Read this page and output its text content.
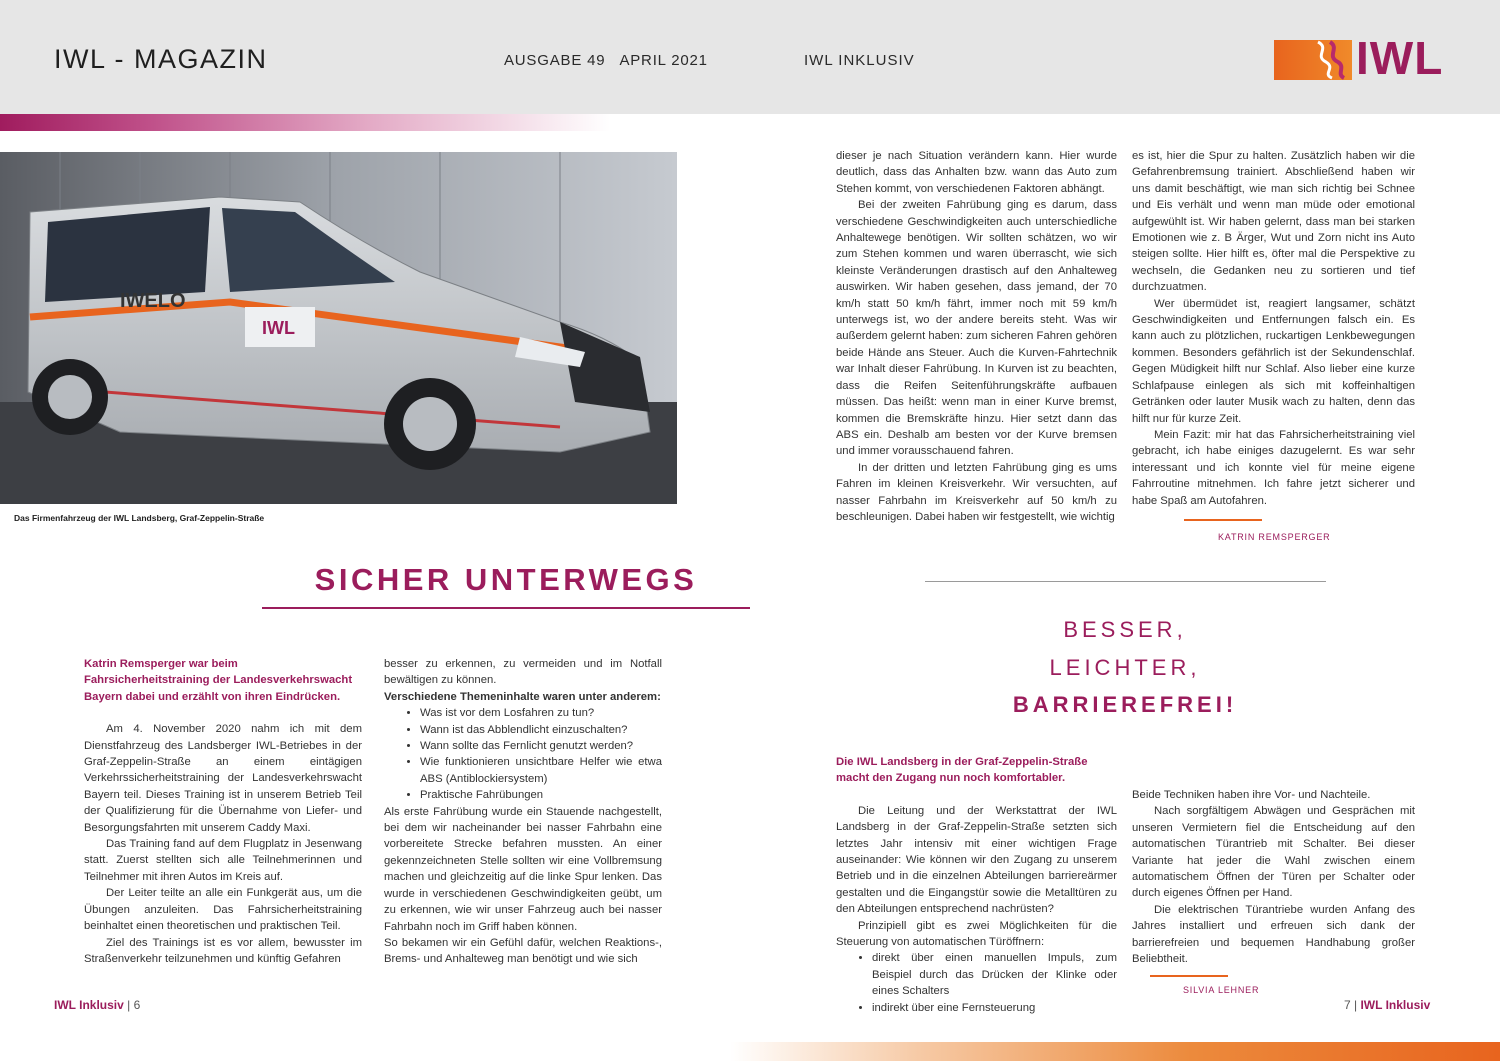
IWL - MAGAZIN	AUSGABE 49   APRIL 2021	IWL INKLUSIV	IWL
IWELO
IWL
Das Firmenfahrzeug der IWL Landsberg, Graf-Zeppelin-Straße
SICHER UNTERWEGS

Katrin Remsperger war beim Fahrsicherheitstraining der Landesverkehrswacht Bayern dabei und erzählt von ihren Eindrücken.

Am 4. November 2020 nahm ich mit dem Dienstfahrzeug des Landsberger IWL-Betriebes in der Graf-Zeppelin-Straße an einem eintägigen Verkehrssicherheitstraining der Landesverkehrswacht Bayern teil. Dieses Training ist in unserem Betrieb Teil der Qualifizierung für die Übernahme von Liefer- und Besorgungsfahrten mit unserem Caddy Maxi.

Das Training fand auf dem Flugplatz in Jesenwang statt. Zuerst stellten sich alle Teilnehmerinnen und Teilnehmer mit ihren Autos im Kreis auf.

Der Leiter teilte an alle ein Funkgerät aus, um die Übungen anzuleiten. Das Fahrsicherheitstraining beinhaltet einen theoretischen und praktischen Teil.

Ziel des Trainings ist es vor allem, bewusster im Straßenverkehr teilzunehmen und künftig Gefahren

besser zu erkennen, zu vermeiden und im Notfall bewältigen zu können.

Verschiedene Themeninhalte waren unter anderem:

• Was ist vor dem Losfahren zu tun?
• Wann ist das Abblendlicht einzuschalten?
• Wann sollte das Fernlicht genutzt werden?
• Wie funktionieren unsichtbare Helfer wie etwa ABS (Antiblockiersystem)
• Praktische Fahrübungen

Als erste Fahrübung wurde ein Stauende nachgestellt, bei dem wir nacheinander bei nasser Fahrbahn eine vorbereitete Strecke befahren mussten. An einer gekennzeichneten Stelle sollten wir eine Vollbremsung machen und gleichzeitig auf die linke Spur lenken. Das wurde in verschiedenen Geschwindigkeiten geübt, um zu erkennen, wie wir unser Fahrzeug auch bei nasser Fahrbahn noch im Griff haben können.

So bekamen wir ein Gefühl dafür, welchen Reaktions-, Brems- und Anhalteweg man benötigt und wie sich

dieser je nach Situation verändern kann. Hier wurde deutlich, dass das Anhalten bzw. wann das Auto zum Stehen kommt, von verschiedenen Faktoren abhängt.

Bei der zweiten Fahrübung ging es darum, dass verschiedene Geschwindigkeiten auch unterschiedliche Anhaltewege benötigen. Wir sollten schätzen, wo wir zum Stehen kommen und waren überrascht, wie sich kleinste Veränderungen drastisch auf den Anhalteweg auswirken. Wir haben gesehen, dass jemand, der 70 km/h statt 50 km/h fährt, immer noch mit 59 km/h unterwegs ist, wo der andere bereits steht. Was wir außerdem gelernt haben: zum sicheren Fahren gehören beide Hände ans Steuer. Auch die Kurven-Fahrtechnik war Inhalt dieser Fahrübung. In Kurven ist zu beachten, dass die Reifen Seitenführungskräfte aufbauen müssen. Das heißt: wenn man in einer Kurve bremst, kommen die Bremskräfte hinzu. Hier setzt dann das ABS ein. Deshalb am besten vor der Kurve bremsen und immer vorausschauend fahren.

In der dritten und letzten Fahrübung ging es ums Fahren im kleinen Kreisverkehr. Wir versuchten, auf nasser Fahrbahn im Kreisverkehr auf 50 km/h zu beschleunigen. Dabei haben wir festgestellt, wie wichtig

es ist, hier die Spur zu halten. Zusätzlich haben wir die Gefahrenbremsung trainiert. Abschließend haben wir uns damit beschäftigt, wie man sich richtig bei Schnee und Eis verhält und wenn man müde oder emotional aufgewühlt ist. Wir haben gelernt, dass man bei starken Emotionen wie z. B Ärger, Wut und Zorn nicht ins Auto steigen sollte. Hier hilft es, öfter mal die Perspektive zu wechseln, die Gedanken neu zu sortieren und tief durchzuatmen.

Wer übermüdet ist, reagiert langsamer, schätzt Geschwindigkeiten und Entfernungen falsch ein. Es kann auch zu plötzlichen, ruckartigen Lenkbewegungen kommen. Besonders gefährlich ist der Sekundenschlaf. Gegen Müdigkeit hilft nur Schlaf. Also lieber eine kurze Schlafpause einlegen als sich mit koffeinhaltigen Getränken oder lauter Musik wach zu halten, denn das hilft nur für kurze Zeit.

Mein Fazit: mir hat das Fahrsicherheitstraining viel gebracht, ich habe einiges dazugelernt. Es war sehr interessant und ich konnte viel für meine eigene Fahrroutine mitnehmen. Ich fahre jetzt sicherer und habe Spaß am Autofahren.

KATRIN REMSPERGER
BESSER,
LEICHTER,
BARRIEREFREI!

Die IWL Landsberg in der Graf-Zeppelin-Straße macht den Zugang nun noch komfortabler.

Die Leitung und der Werkstattrat der IWL Landsberg in der Graf-Zeppelin-Straße setzten sich letztes Jahr intensiv mit einer wichtigen Frage auseinander: Wie können wir den Zugang zu unserem Betrieb und in die einzelnen Abteilungen barriereärmer gestalten und die Eingangstür sowie die Metalltüren zu den Abteilungen entsprechend nachrüsten?

Prinzipiell gibt es zwei Möglichkeiten für die Steuerung von automatischen Türöffnern:

• direkt über einen manuellen Impuls, zum Beispiel durch das Drücken der Klinke oder eines Schalters
• indirekt über eine Fernsteuerung

Beide Techniken haben ihre Vor- und Nachteile.

Nach sorgfältigem Abwägen und Gesprächen mit unseren Vermietern fiel die Entscheidung auf den automatischen Türantrieb mit Schalter. Bei dieser Variante hat jeder die Wahl zwischen einem automatischem Öffnen der Türen per Schalter oder durch eigenes Öffnen per Hand.

Die elektrischen Türantriebe wurden Anfang des Jahres installiert und erfreuen sich dank der barrierefreien und bequemen Handhabung großer Beliebtheit.

SILVIA LEHNER
IWL Inklusiv | 6	7 | IWL Inklusiv
